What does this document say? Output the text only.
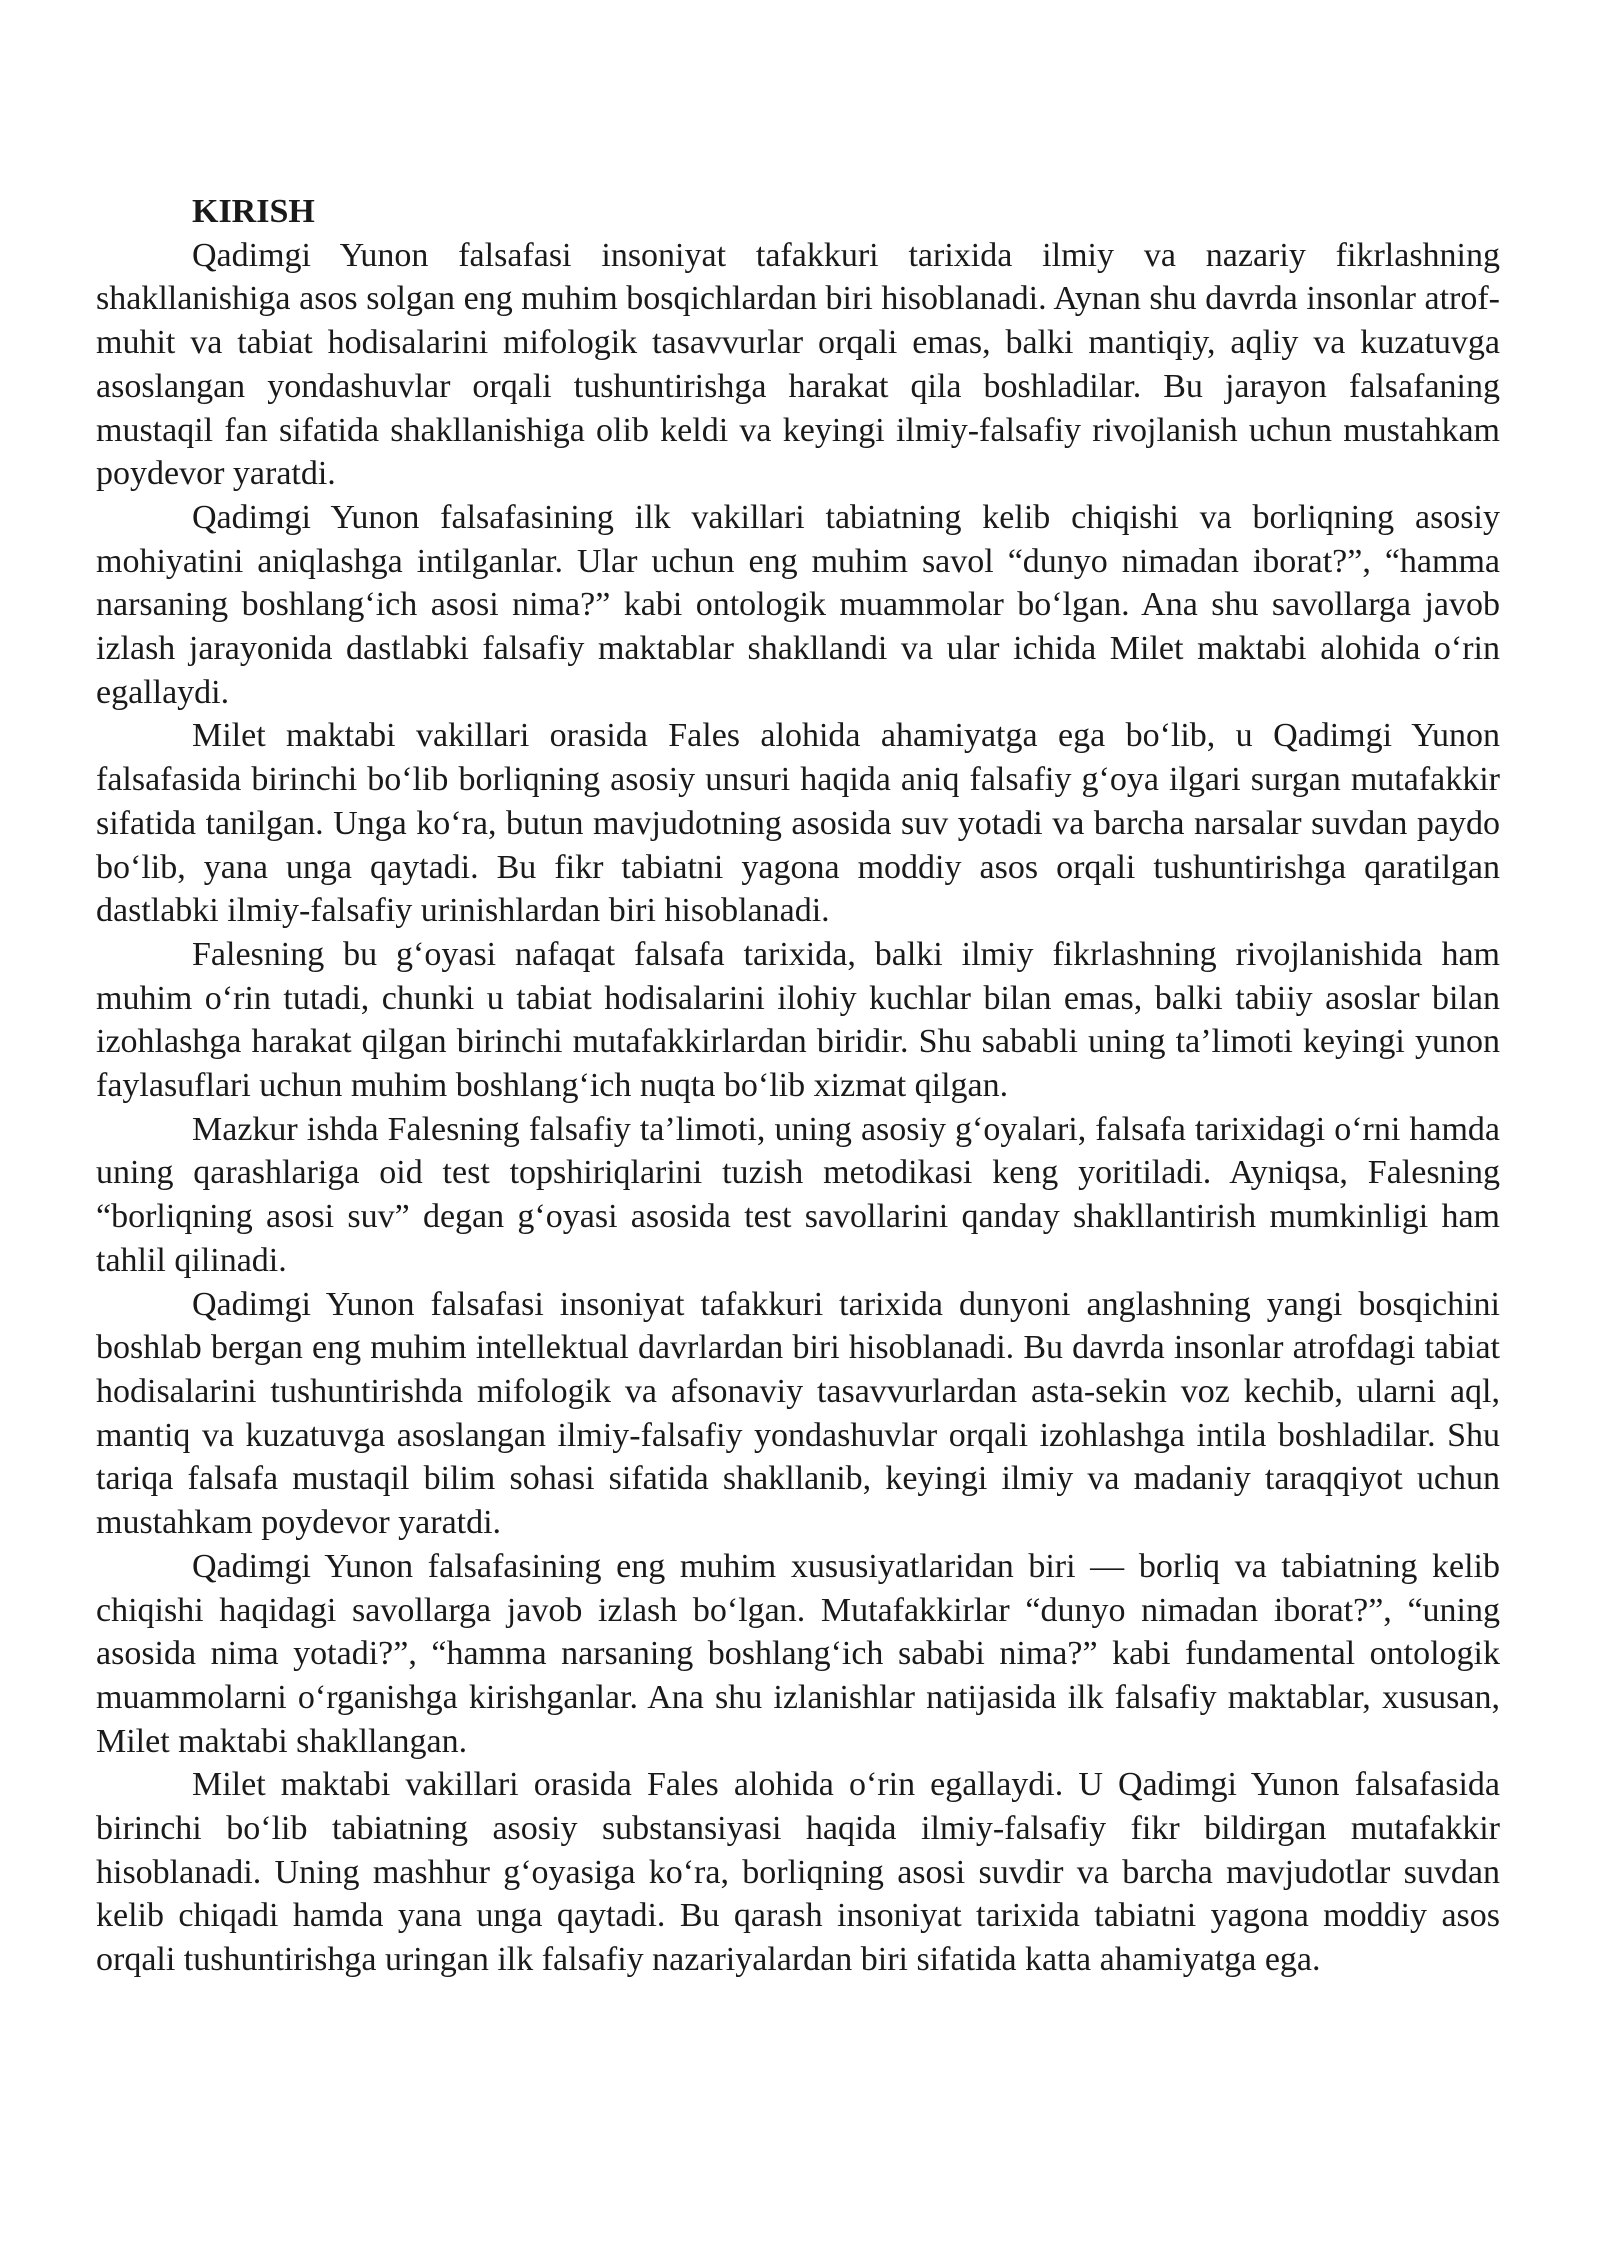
KIRISH

Qadimgi Yunon falsafasi insoniyat tafakkuri tarixida ilmiy va nazariy fikrlashning shakllanishiga asos solgan eng muhim bosqichlardan biri hisoblanadi. Aynan shu davrda insonlar atrof-muhit va tabiat hodisalarini mifologik tasavvurlar orqali emas, balki mantiqiy, aqliy va kuzatuvga asoslangan yondashuvlar orqali tushuntirishga harakat qila boshladilar. Bu jarayon falsafaning mustaqil fan sifatida shakllanishiga olib keldi va keyingi ilmiy-falsafiy rivojlanish uchun mustahkam poydevor yaratdi.

Qadimgi Yunon falsafasining ilk vakillari tabiatning kelib chiqishi va borliqning asosiy mohiyatini aniqlashga intilganlar. Ular uchun eng muhim savol “dunyo nimadan iborat?”, “hamma narsaning boshlang‘ich asosi nima?” kabi ontologik muammolar bo‘lgan. Ana shu savollarga javob izlash jarayonida dastlabki falsafiy maktablar shakllandi va ular ichida Milet maktabi alohida o‘rin egallaydi.

Milet maktabi vakillari orasida Fales alohida ahamiyatga ega bo‘lib, u Qadimgi Yunon falsafasida birinchi bo‘lib borliqning asosiy unsuri haqida aniq falsafiy g‘oya ilgari surgan mutafakkir sifatida tanilgan. Unga ko‘ra, butun mavjudotning asosida suv yotadi va barcha narsalar suvdan paydo bo‘lib, yana unga qaytadi. Bu fikr tabiatni yagona moddiy asos orqali tushuntirishga qaratilgan dastlabki ilmiy-falsafiy urinishlardan biri hisoblanadi.

Falesning bu g‘oyasi nafaqat falsafa tarixida, balki ilmiy fikrlashning rivojlanishida ham muhim o‘rin tutadi, chunki u tabiat hodisalarini ilohiy kuchlar bilan emas, balki tabiiy asoslar bilan izohlashga harakat qilgan birinchi mutafakkirlardan biridir. Shu sababli uning ta’limoti keyingi yunon faylasuflari uchun muhim boshlang‘ich nuqta bo‘lib xizmat qilgan.

Mazkur ishda Falesning falsafiy ta’limoti, uning asosiy g‘oyalari, falsafa tarixidagi o‘rni hamda uning qarashlariga oid test topshiriqlarini tuzish metodikasi keng yoritiladi. Ayniqsa, Falesning “borliqning asosi suv” degan g‘oyasi asosida test savollarini qanday shakllantirish mumkinligi ham tahlil qilinadi.

Qadimgi Yunon falsafasi insoniyat tafakkuri tarixida dunyoni anglashning yangi bosqichini boshlab bergan eng muhim intellektual davrlardan biri hisoblanadi. Bu davrda insonlar atrofdagi tabiat hodisalarini tushuntirishda mifologik va afsonaviy tasavvurlardan asta-sekin voz kechib, ularni aql, mantiq va kuzatuvga asoslangan ilmiy-falsafiy yondashuvlar orqali izohlashga intila boshladilar. Shu tariqa falsafa mustaqil bilim sohasi sifatida shakllanib, keyingi ilmiy va madaniy taraqqiyot uchun mustahkam poydevor yaratdi.

Qadimgi Yunon falsafasining eng muhim xususiyatlaridan biri — borliq va tabiatning kelib chiqishi haqidagi savollarga javob izlash bo‘lgan. Mutafakkirlar “dunyo nimadan iborat?”, “uning asosida nima yotadi?”, “hamma narsaning boshlang‘ich sababi nima?” kabi fundamental ontologik muammolarni o‘rganishga kirishganlar. Ana shu izlanishlar natijasida ilk falsafiy maktablar, xususan, Milet maktabi shakllangan.

Milet maktabi vakillari orasida Fales alohida o‘rin egallaydi. U Qadimgi Yunon falsafasida birinchi bo‘lib tabiatning asosiy substansiyasi haqida ilmiy-falsafiy fikr bildirgan mutafakkir hisoblanadi. Uning mashhur g‘oyasiga ko‘ra, borliqning asosi suvdir va barcha mavjudotlar suvdan kelib chiqadi hamda yana unga qaytadi. Bu qarash insoniyat tarixida tabiatni yagona moddiy asos orqali tushuntirishga uringan ilk falsafiy nazariyalardan biri sifatida katta ahamiyatga ega.
